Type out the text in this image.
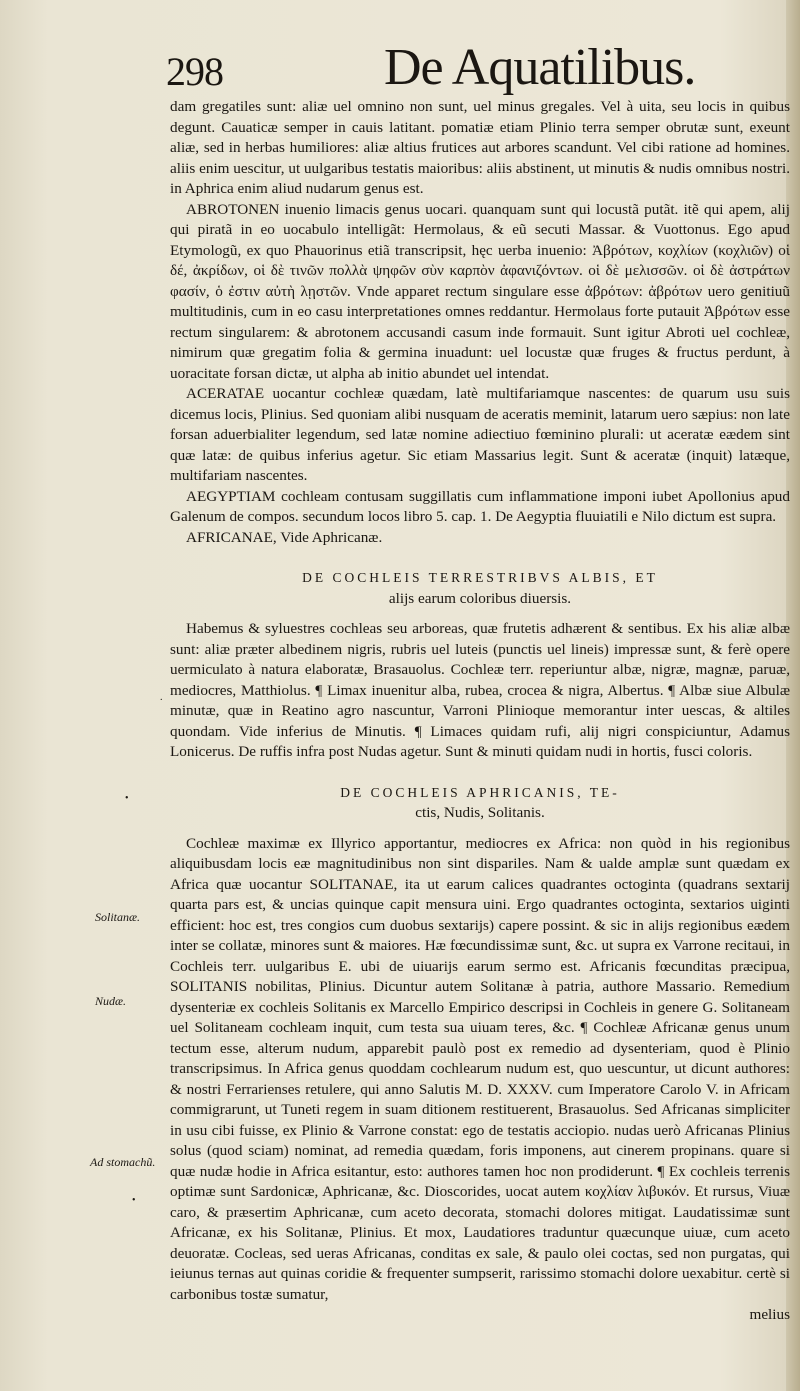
298	De Aquatilibus.
•
Solitanæ.
Nudæ.
Ad stomachũ.
•
.

dam gregatiles sunt: aliæ uel omnino non sunt, uel minus gregales. Vel à uita, seu locis in quibus degunt. Cauaticæ semper in cauis latitant. pomatiæ etiam Plinio terra semper obrutæ sunt, exeunt aliæ, sed in herbas humiliores: aliæ altius frutices aut arbores scandunt. Vel cibi ratione ad homines. aliis enim uescitur, ut uulgaribus testatis maioribus: aliis abstinent, ut minutis & nudis omnibus nostri. in Aphrica enim aliud nudarum genus est.

ABROTONEN inuenio limacis genus uocari. quanquam sunt qui locustã putãt. itẽ qui apem, alij qui piratã in eo uocabulo intelligãt: Hermolaus, & eũ secuti Massar. & Vuottonus. Ego apud Etymologũ, ex quo Phauorinus etiã transcripsit, hęc uerba inuenio: Ἀβρότων, κοχλίων (κοχλιῶν) οἱ δέ, ἀκρίδων, οἱ δὲ τινῶν πολλὰ ψηφῶν σὺν καρπὸν ἀφανιζόντων. οἱ δὲ μελισσῶν. οἱ δὲ ἀστράτων φασίν, ὁ ἐστιν αὐτὴ λῃστῶν. Vnde apparet rectum singulare esse ἀβρότων: ἀβρότων uero genitiuũ multitudinis, cum in eo casu interpretationes omnes reddantur. Hermolaus forte putauit Ἀβρότων esse rectum singularem: & abrotonem accusandi casum inde formauit. Sunt igitur Abroti uel cochleæ, nimirum quæ gregatim folia & germina inuadunt: uel locustæ quæ fruges & fructus perdunt, à uoracitate forsan dictæ, ut alpha ab initio abundet uel intendat.

ACERATAE uocantur cochleæ quædam, latè multifariamque nascentes: de quarum usu suis dicemus locis, Plinius. Sed quoniam alibi nusquam de aceratis meminit, latarum uero sæpius: non late forsan aduerbialiter legendum, sed latæ nomine adiectiuo fœminino plurali: ut aceratæ eædem sint quæ latæ: de quibus inferius agetur. Sic etiam Massarius legit. Sunt & aceratæ (inquit) latæque, multifariam nascentes.

AEGYPTIAM cochleam contusam suggillatis cum inflammatione imponi iubet Apollonius apud Galenum de compos. secundum locos libro 5. cap. 1. De Aegyptia fluuiatili e Nilo dictum est supra.

AFRICANAE, Vide Aphricanæ.

DE COCHLEIS TERRESTRIBVS ALBIS, ET
alijs earum coloribus diuersis.

Habemus & syluestres cochleas seu arboreas, quæ frutetis adhærent & sentibus. Ex his aliæ albæ sunt: aliæ præter albedinem nigris, rubris uel luteis (punctis uel lineis) impressæ sunt, & ferè opere uermiculato à natura elaboratæ, Brasauolus. Cochleæ terr. reperiuntur albæ, nigræ, magnæ, paruæ, mediocres, Matthiolus. ¶ Limax inuenitur alba, rubea, crocea & nigra, Albertus. ¶ Albæ siue Albulæ minutæ, quæ in Reatino agro nascuntur, Varroni Plinioque memorantur inter uescas, & altiles quondam. Vide inferius de Minutis. ¶ Limaces quidam rufi, alij nigri conspiciuntur, Adamus Lonicerus. De ruffis infra post Nudas agetur. Sunt & minuti quidam nudi in hortis, fusci coloris.

DE COCHLEIS APHRICANIS, TE-
ctis, Nudis, Solitanis.

Cochleæ maximæ ex Illyrico apportantur, mediocres ex Africa: non quòd in his regionibus aliquibusdam locis eæ magnitudinibus non sint dispariles. Nam & ualde amplæ sunt quædam ex Africa quæ uocantur SOLITANAE, ita ut earum calices quadrantes octoginta (quadrans sextarij quarta pars est, & uncias quinque capit mensura uini. Ergo quadrantes octoginta, sextarios uiginti efficient: hoc est, tres congios cum duobus sextarijs) capere possint. & sic in alijs regionibus eædem inter se collatæ, minores sunt & maiores. Hæ fœcundissimæ sunt, &c. ut supra ex Varrone recitaui, in Cochleis terr. uulgaribus E. ubi de uiuarijs earum sermo est. Africanis fœcunditas præcipua, SOLITANIS nobilitas, Plinius. Dicuntur autem Solitanæ à patria, authore Massario. Remedium dysenteriæ ex cochleis Solitanis ex Marcello Empirico descripsi in Cochleis in genere G. Solitaneam uel Solitaneam cochleam inquit, cum testa sua uiuam teres, &c. ¶ Cochleæ Africanæ genus unum tectum esse, alterum nudum, apparebit paulò post ex remedio ad dysenteriam, quod è Plinio transcripsimus. In Africa genus quoddam cochlearum nudum est, quo uescuntur, ut dicunt authores: & nostri Ferrarienses retulere, qui anno Salutis M. D. XXXV. cum Imperatore Carolo V. in Africam commigrarunt, ut Tuneti regem in suam ditionem restituerent, Brasauolus. Sed Africanas simpliciter in usu cibi fuisse, ex Plinio & Varrone constat: ego de testatis acciopio. nudas uerò Africanas Plinius solus (quod sciam) nominat, ad remedia quædam, foris imponens, aut cinerem propinans. quare si quæ nudæ hodie in Africa esitantur, esto: authores tamen hoc non prodiderunt. ¶ Ex cochleis terrenis optimæ sunt Sardonicæ, Aphricanæ, &c. Dioscorides, uocat autem κοχλίαν λιβυκόν. Et rursus, Viuæ caro, & præsertim Aphricanæ, cum aceto decorata, stomachi dolores mitigat. Laudatissimæ sunt Africanæ, ex his Solitanæ, Plinius. Et mox, Laudatiores traduntur quæcunque uiuæ, cum aceto deuoratæ. Cocleas, sed ueras Africanas, conditas ex sale, & paulo olei coctas, sed non purgatas, qui ieiunus ternas aut quinas coridie & frequenter sumpserit, rarissimo stomachi dolore uexabitur. certè si carbonibus tostæ sumatur,

melius
